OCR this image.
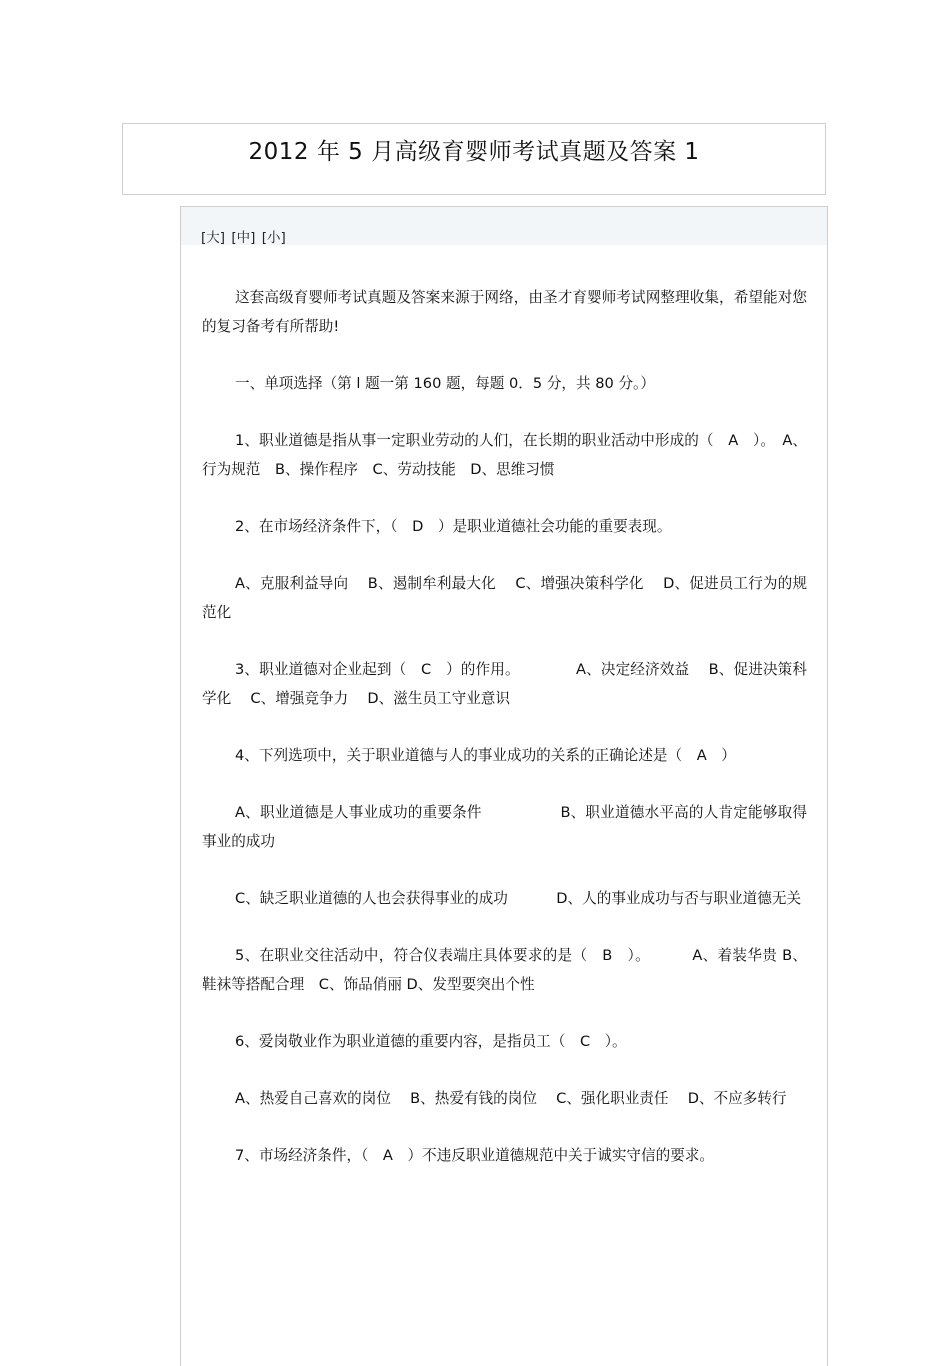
2012 年 5 月高级育婴师考试真题及答案 1
[大] [中] [小]

这套高级育婴师考试真题及答案来源于网络，由圣才育婴师考试网整理收集，希望能对您的复习备考有所帮助!

一、单项选择（第 l 题一第 160 题，每题 0．5 分，共 80 分。）

1、职业道德是指从事一定职业劳动的人们，在长期的职业活动中形成的（　A　）。　A、行为规范　B、操作程序　C、劳动技能　D、思维习惯

2、在市场经济条件下，（　D　）是职业道德社会功能的重要表现。

A、克服利益导向　 B、遏制牟利最大化　 C、增强决策科学化　 D、促进员工行为的规范化

3、职业道德对企业起到（　C　）的作用。　　　　 A、决定经济效益　 B、促进决策科学化　 C、增强竞争力　 D、滋生员工守业意识

4、下列选项中，关于职业道德与人的事业成功的关系的正确论述是（　A　）

A、职业道德是人事业成功的重要条件　　　　　 B、职业道德水平高的人肯定能够取得事业的成功

C、缺乏职业道德的人也会获得事业的成功　　　 D、人的事业成功与否与职业道德无关

5、在职业交往活动中，符合仪表端庄具体要求的是（　B　）。　　　 A、着装华贵 B、鞋袜等搭配合理　C、饰品俏丽 D、发型要突出个性

6、爱岗敬业作为职业道德的重要内容，是指员工（　C　）。

A、热爱自己喜欢的岗位　 B、热爱有钱的岗位　 C、强化职业责任　 D、不应多转行

7、市场经济条件，（　A　）不违反职业道德规范中关于诚实守信的要求。
